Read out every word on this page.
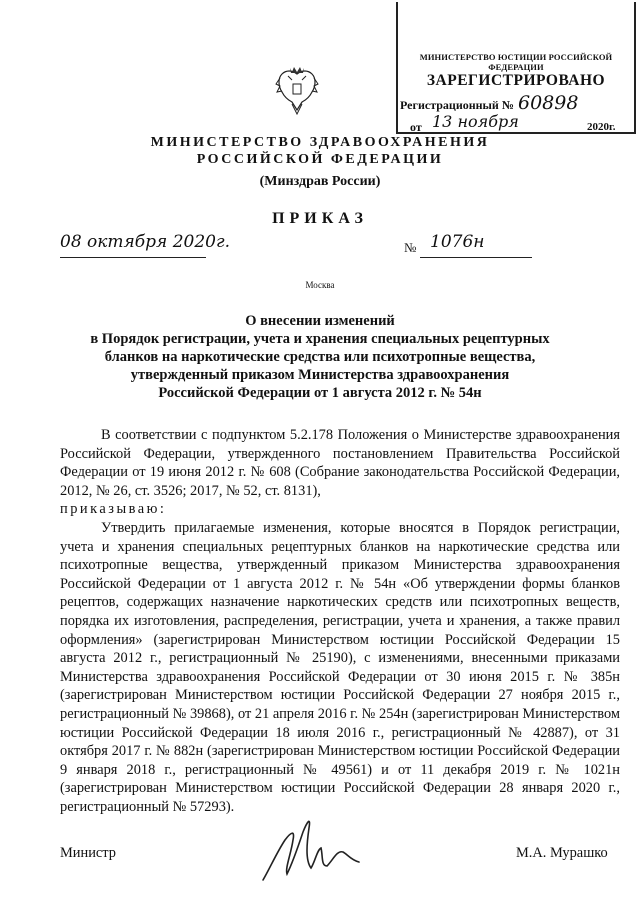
МИНИСТЕРСТВО ЮСТИЦИИ РОССИЙСКОЙ ФЕДЕРАЦИИ
ЗАРЕГИСТРИРОВАНО
Регистрационный № 60898
от 13 ноября	2020г.
МИНИСТЕРСТВО ЗДРАВООХРАНЕНИЯ
РОССИЙСКОЙ ФЕДЕРАЦИИ
(Минздрав России)
ПРИКАЗ
08 октября 2020г.	№ 1076н
Москва
О внесении изменений
в Порядок регистрации, учета и хранения специальных рецептурных
бланков на наркотические средства или психотропные вещества,
утвержденный приказом Министерства здравоохранения
Российской Федерации от 1 августа 2012 г. № 54н

В соответствии с подпунктом 5.2.178 Положения о Министерстве здравоохранения Российской Федерации, утвержденного постановлением Правительства Российской Федерации от 19 июня 2012 г. № 608 (Собрание законодательства Российской Федерации, 2012, № 26, ст. 3526; 2017, № 52, ст. 8131),

приказываю:

Утвердить прилагаемые изменения, которые вносятся в Порядок регистрации, учета и хранения специальных рецептурных бланков на наркотические средства или психотропные вещества, утвержденный приказом Министерства здравоохранения Российской Федерации от 1 августа 2012 г. № 54н «Об утверждении формы бланков рецептов, содержащих назначение наркотических средств или психотропных веществ, порядка их изготовления, распределения, регистрации, учета и хранения, а также правил оформления» (зарегистрирован Министерством юстиции Российской Федерации 15 августа 2012 г., регистрационный № 25190), с изменениями, внесенными приказами Министерства здравоохранения Российской Федерации от 30 июня 2015 г. № 385н (зарегистрирован Министерством юстиции Российской Федерации 27 ноября 2015 г., регистрационный № 39868), от 21 апреля 2016 г. № 254н (зарегистрирован Министерством юстиции Российской Федерации 18 июля 2016 г., регистрационный № 42887), от 31 октября 2017 г. № 882н (зарегистрирован Министерством юстиции Российской Федерации 9 января 2018 г., регистрационный № 49561) и от 11 декабря 2019 г. № 1021н (зарегистрирован Министерством юстиции Российской Федерации 28 января 2020 г., регистрационный № 57293).

Министр	М.А. Мурашко
